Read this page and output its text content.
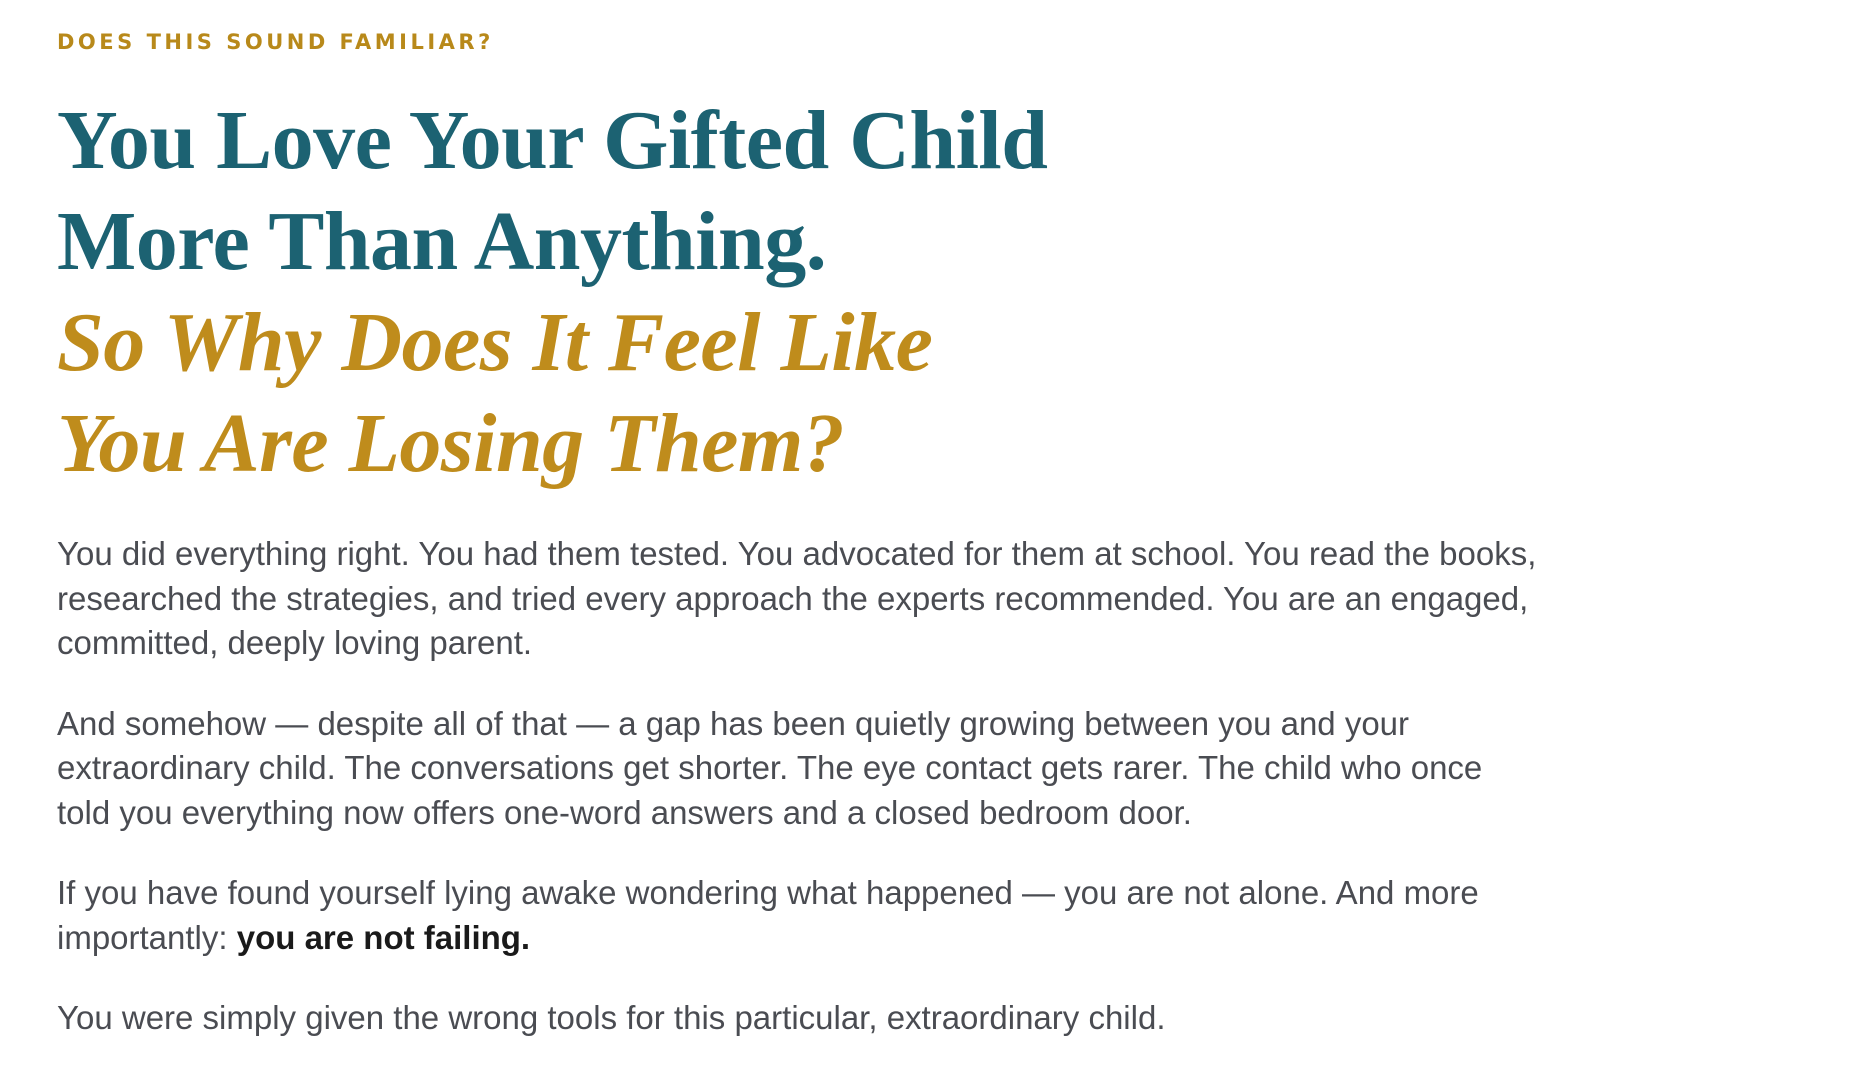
DOES THIS SOUND FAMILIAR?

You Love Your Gifted Child
More Than Anything.
So Why Does It Feel Like
You Are Losing Them?

You did everything right. You had them tested. You advocated for them at school. You read the books, researched the strategies, and tried every approach the experts recommended. You are an engaged, committed, deeply loving parent.

And somehow — despite all of that — a gap has been quietly growing between you and your extraordinary child. The conversations get shorter. The eye contact gets rarer. The child who once told you everything now offers one-word answers and a closed bedroom door.

If you have found yourself lying awake wondering what happened — you are not alone. And more importantly: you are not failing.

You were simply given the wrong tools for this particular, extraordinary child.
